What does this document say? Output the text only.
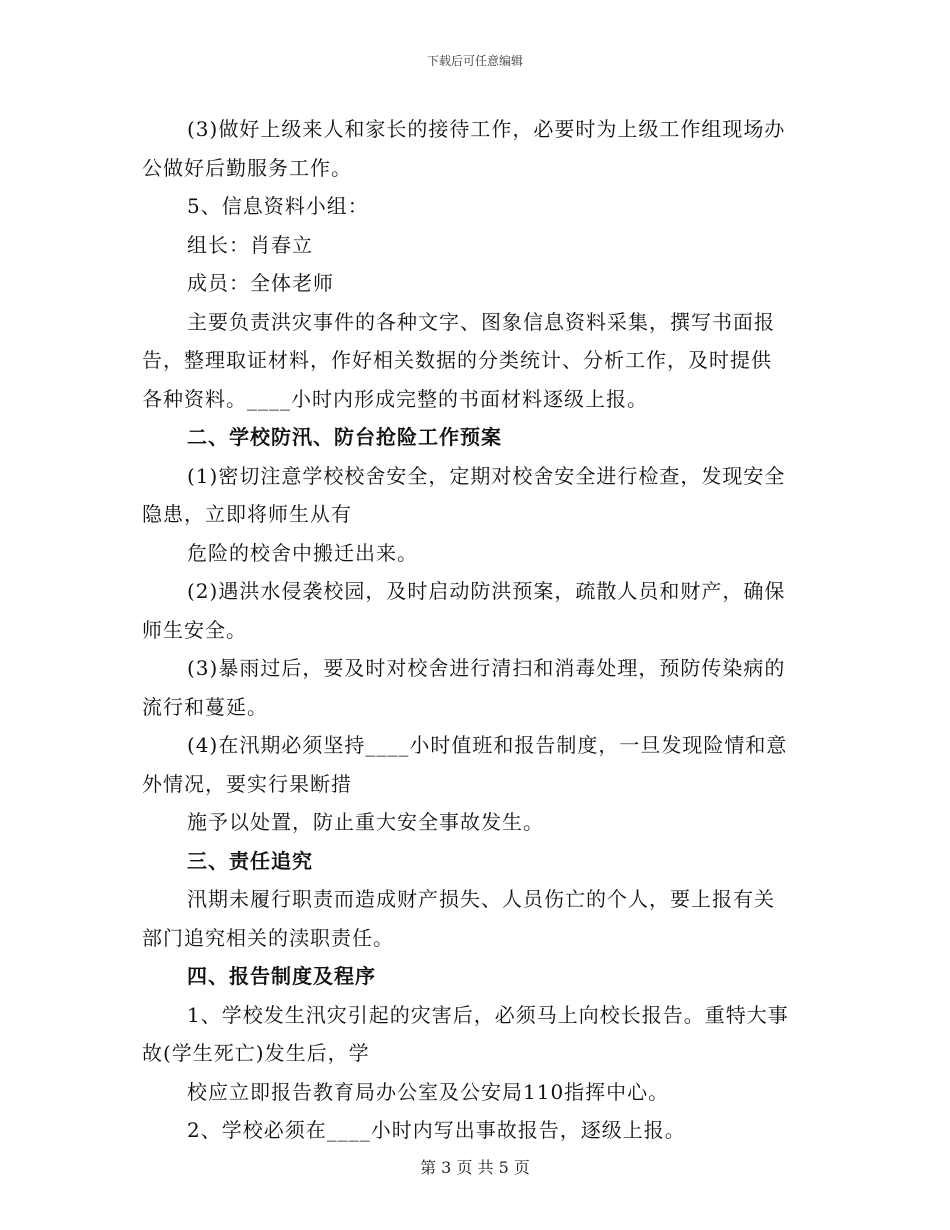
下载后可任意编辑

(3)做好上级来人和家长的接待工作，必要时为上级工作组现场办

公做好后勤服务工作。

5、信息资料小组：

组长：肖春立

成员：全体老师

主要负责洪灾事件的各种文字、图象信息资料采集，撰写书面报

告，整理取证材料，作好相关数据的分类统计、分析工作，及时提供

各种资料。____小时内形成完整的书面材料逐级上报。

二、学校防汛、防台抢险工作预案

(1)密切注意学校校舍安全，定期对校舍安全进行检查，发现安全

隐患，立即将师生从有

危险的校舍中搬迁出来。

(2)遇洪水侵袭校园，及时启动防洪预案，疏散人员和财产，确保

师生安全。

(3)暴雨过后，要及时对校舍进行清扫和消毒处理，预防传染病的

流行和蔓延。

(4)在汛期必须坚持____小时值班和报告制度，一旦发现险情和意

外情况，要实行果断措

施予以处置，防止重大安全事故发生。

三、责任追究

汛期未履行职责而造成财产损失、人员伤亡的个人，要上报有关

部门追究相关的渎职责任。

四、报告制度及程序

1、学校发生汛灾引起的灾害后，必须马上向校长报告。重特大事

故(学生死亡)发生后，学

校应立即报告教育局办公室及公安局110指挥中心。

2、学校必须在____小时内写出事故报告，逐级上报。

第 3 页 共 5 页
